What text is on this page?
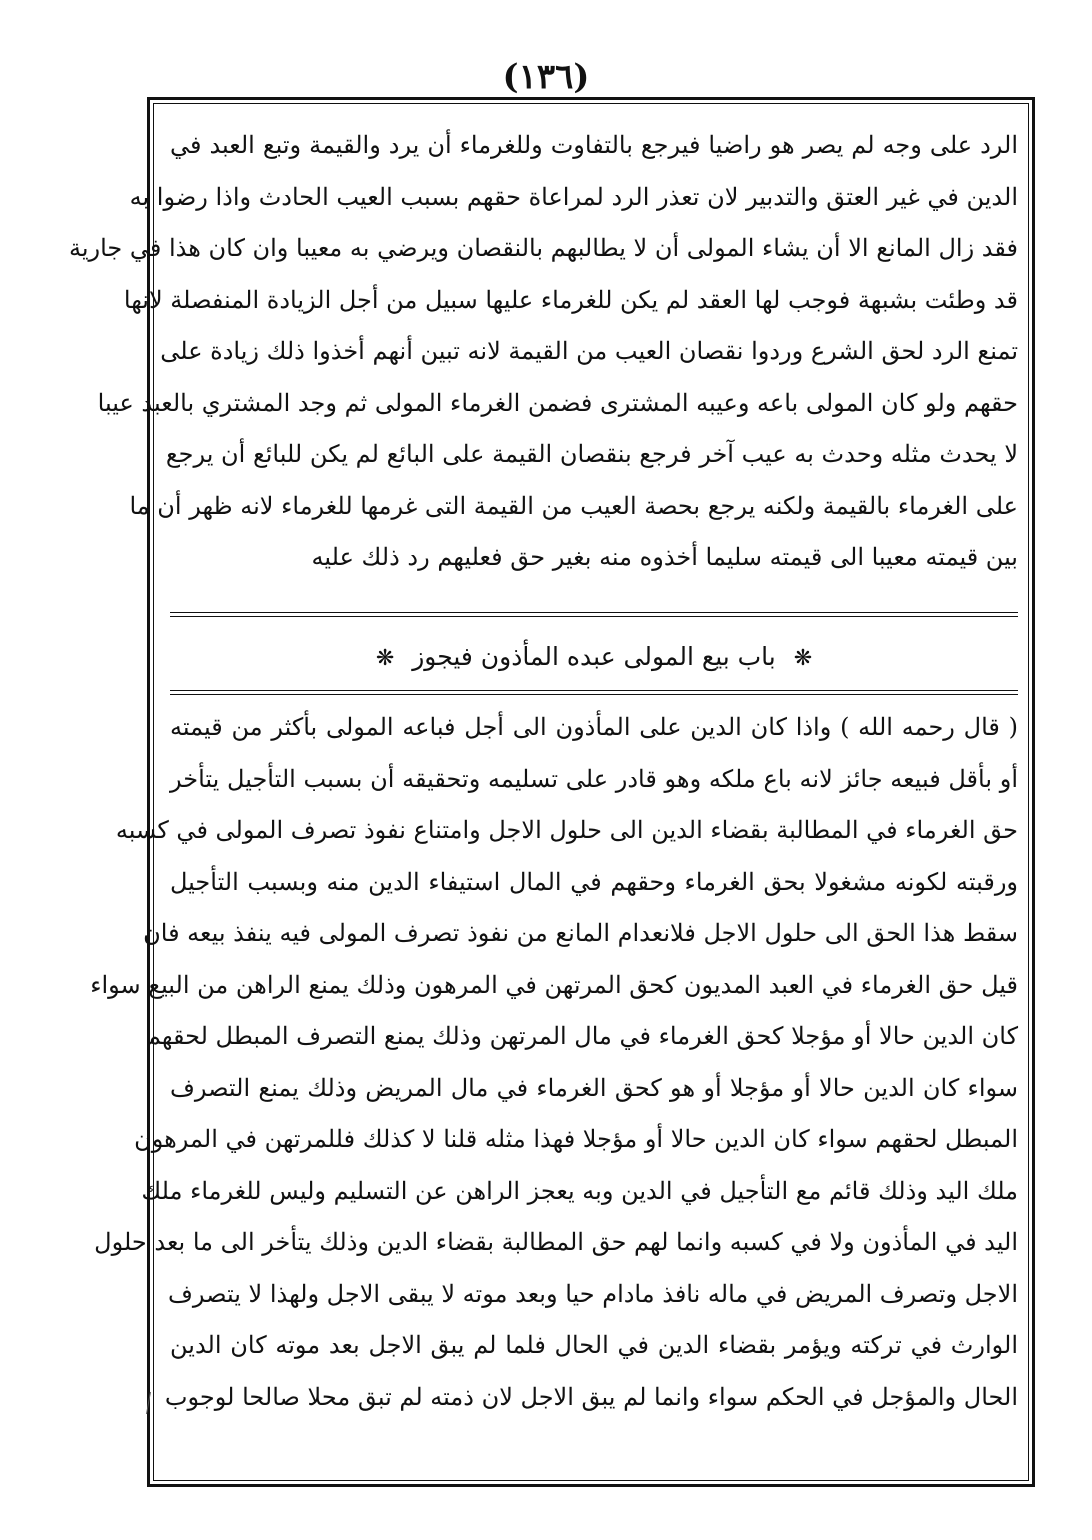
(١٣٦)
الرد على وجه لم يصر هو راضيا فيرجع بالتفاوت وللغرماء أن يرد والقيمة وتبع العبد في
الدين في غير العتق والتدبير لان تعذر الرد لمراعاة حقهم بسبب العيب الحادث واذا رضوا به
فقد زال المانع الا أن يشاء المولى أن لا يطالبهم بالنقصان ويرضي به معيبا وان كان هذا في جارية
قد وطئت بشبهة فوجب لها العقد لم يكن للغرماء عليها سبيل من أجل الزيادة المنفصلة لانها
تمنع الرد لحق الشرع وردوا نقصان العيب من القيمة لانه تبين أنهم أخذوا ذلك زيادة على
حقهم ولو كان المولى باعه وعيبه المشترى فضمن الغرماء المولى ثم وجد المشتري بالعبد عيبا
لا يحدث مثله وحدث به عيب آخر فرجع بنقصان القيمة على البائع لم يكن للبائع أن يرجع
على الغرماء بالقيمة ولكنه يرجع بحصة العيب من القيمة التى غرمها للغرماء لانه ظهر أن ما
بين قيمته معيبا الى قيمته سليما أخذوه منه بغير حق فعليهم رد ذلك عليه
❋ باب بيع المولى عبده المأذون فيجوز ❋
( قال رحمه الله ) واذا كان الدين على المأذون الى أجل فباعه المولى بأكثر من قيمته
أو بأقل فبيعه جائز لانه باع ملكه وهو قادر على تسليمه وتحقيقه أن بسبب التأجيل يتأخر
حق الغرماء في المطالبة بقضاء الدين الى حلول الاجل وامتناع نفوذ تصرف المولى في كسبه
ورقبته لكونه مشغولا بحق الغرماء وحقهم في المال استيفاء الدين منه وبسبب التأجيل
سقط هذا الحق الى حلول الاجل فلانعدام المانع من نفوذ تصرف المولى فيه ينفذ بيعه فان
قيل حق الغرماء في العبد المديون كحق المرتهن في المرهون وذلك يمنع الراهن من البيع سواء
كان الدين حالا أو مؤجلا كحق الغرماء في مال المرتهن وذلك يمنع التصرف المبطل لحقهم
سواء كان الدين حالا أو مؤجلا أو هو كحق الغرماء في مال المريض وذلك يمنع التصرف
المبطل لحقهم سواء كان الدين حالا أو مؤجلا فهذا مثله قلنا لا كذلك فللمرتهن في المرهون
ملك اليد وذلك قائم مع التأجيل في الدين وبه يعجز الراهن عن التسليم وليس للغرماء ملك
اليد في المأذون ولا في كسبه وانما لهم حق المطالبة بقضاء الدين وذلك يتأخر الى ما بعد حلول
الاجل وتصرف المريض في ماله نافذ مادام حيا وبعد موته لا يبقى الاجل ولهذا لا يتصرف
الوارث في تركته ويؤمر بقضاء الدين في الحال فلما لم يبق الاجل بعد موته كان الدين
الحال والمؤجل في الحكم سواء وانما لم يبق الاجل لان ذمته لم تبق محلا صالحا لوجوب
